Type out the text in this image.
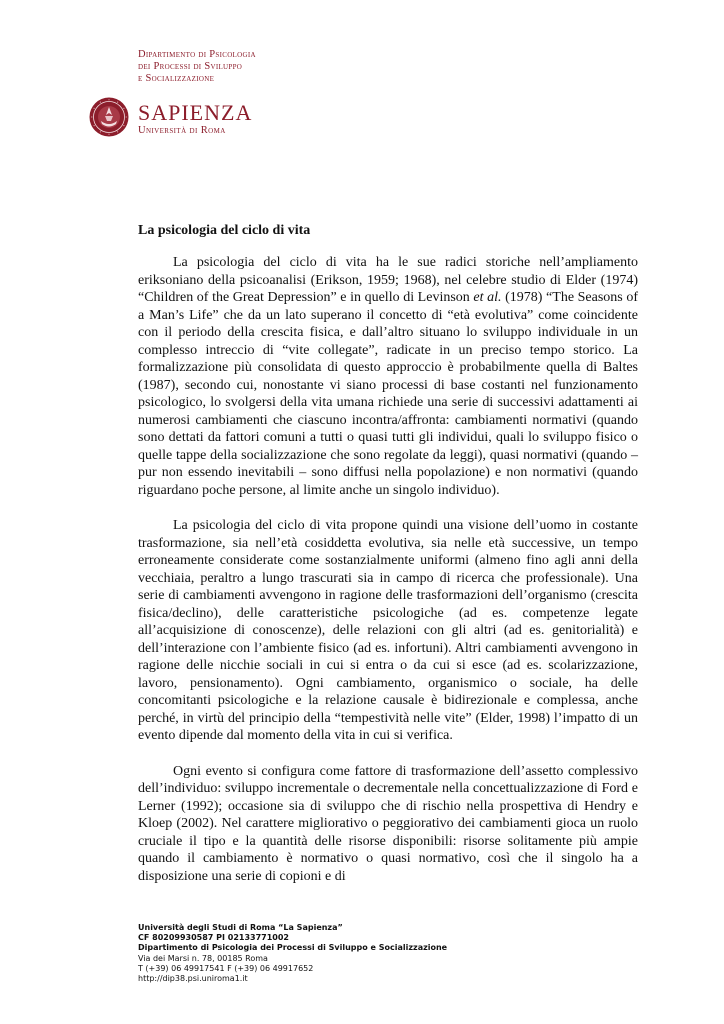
Dipartimento di Psicologia
dei Processi di Sviluppo
e Socializzazione
SAPIENZA
Università di Roma
La psicologia del ciclo di vita

La psicologia del ciclo di vita ha le sue radici storiche nell’ampliamento eriksoniano della psicoanalisi (Erikson, 1959; 1968), nel celebre studio di Elder (1974) “Children of the Great Depression” e in quello di Levinson et al. (1978) “The Seasons of a Man’s Life” che da un lato superano il concetto di “età evolutiva” come coincidente con il periodo della crescita fisica, e dall’altro situano lo sviluppo individuale in un complesso intreccio di “vite collegate”, radicate in un preciso tempo storico. La formalizzazione più consolidata di questo approccio è probabilmente quella di Baltes (1987), secondo cui, nonostante vi siano processi di base costanti nel funzionamento psicologico, lo svolgersi della vita umana richiede una serie di successivi adattamenti ai numerosi cambiamenti che ciascuno incontra/affronta: cambiamenti normativi (quando sono dettati da fattori comuni a tutti o quasi tutti gli individui, quali lo sviluppo fisico o quelle tappe della socializzazione che sono regolate da leggi), quasi normativi (quando – pur non essendo inevitabili – sono diffusi nella popolazione) e non normativi (quando riguardano poche persone, al limite anche un singolo individuo).

La psicologia del ciclo di vita propone quindi una visione dell’uomo in costante trasformazione, sia nell’età cosiddetta evolutiva, sia nelle età successive, un tempo erroneamente considerate come sostanzialmente uniformi (almeno fino agli anni della vecchiaia, peraltro a lungo trascurati sia in campo di ricerca che professionale). Una serie di cambiamenti avvengono in ragione delle trasformazioni dell’organismo (crescita fisica/declino), delle caratteristiche psicologiche (ad es. competenze legate all’acquisizione di conoscenze), delle relazioni con gli altri (ad es. genitorialità) e dell’interazione con l’ambiente fisico (ad es. infortuni). Altri cambiamenti avvengono in ragione delle nicchie sociali in cui si entra o da cui si esce (ad es. scolarizzazione, lavoro, pensionamento). Ogni cambiamento, organismico o sociale, ha delle concomitanti psicologiche e la relazione causale è bidirezionale e complessa, anche perché, in virtù del principio della “tempestività nelle vite” (Elder, 1998) l’impatto di un evento dipende dal momento della vita in cui si verifica.

Ogni evento si configura come fattore di trasformazione dell’assetto complessivo dell’individuo: sviluppo incrementale o decrementale nella concettualizzazione di Ford e Lerner (1992); occasione sia di sviluppo che di rischio nella prospettiva di Hendry e Kloep (2002). Nel carattere migliorativo o peggiorativo dei cambiamenti gioca un ruolo cruciale il tipo e la quantità delle risorse disponibili: risorse solitamente più ampie quando il cambiamento è normativo o quasi normativo, così che il singolo ha a disposizione una serie di copioni e di

Università degli Studi di Roma “La Sapienza”
CF 80209930587 PI 02133771002
Dipartimento di Psicologia dei Processi di Sviluppo e Socializzazione
Via dei Marsi n. 78, 00185 Roma
T (+39) 06 49917541 F (+39) 06 49917652
http://dip38.psi.uniroma1.it
